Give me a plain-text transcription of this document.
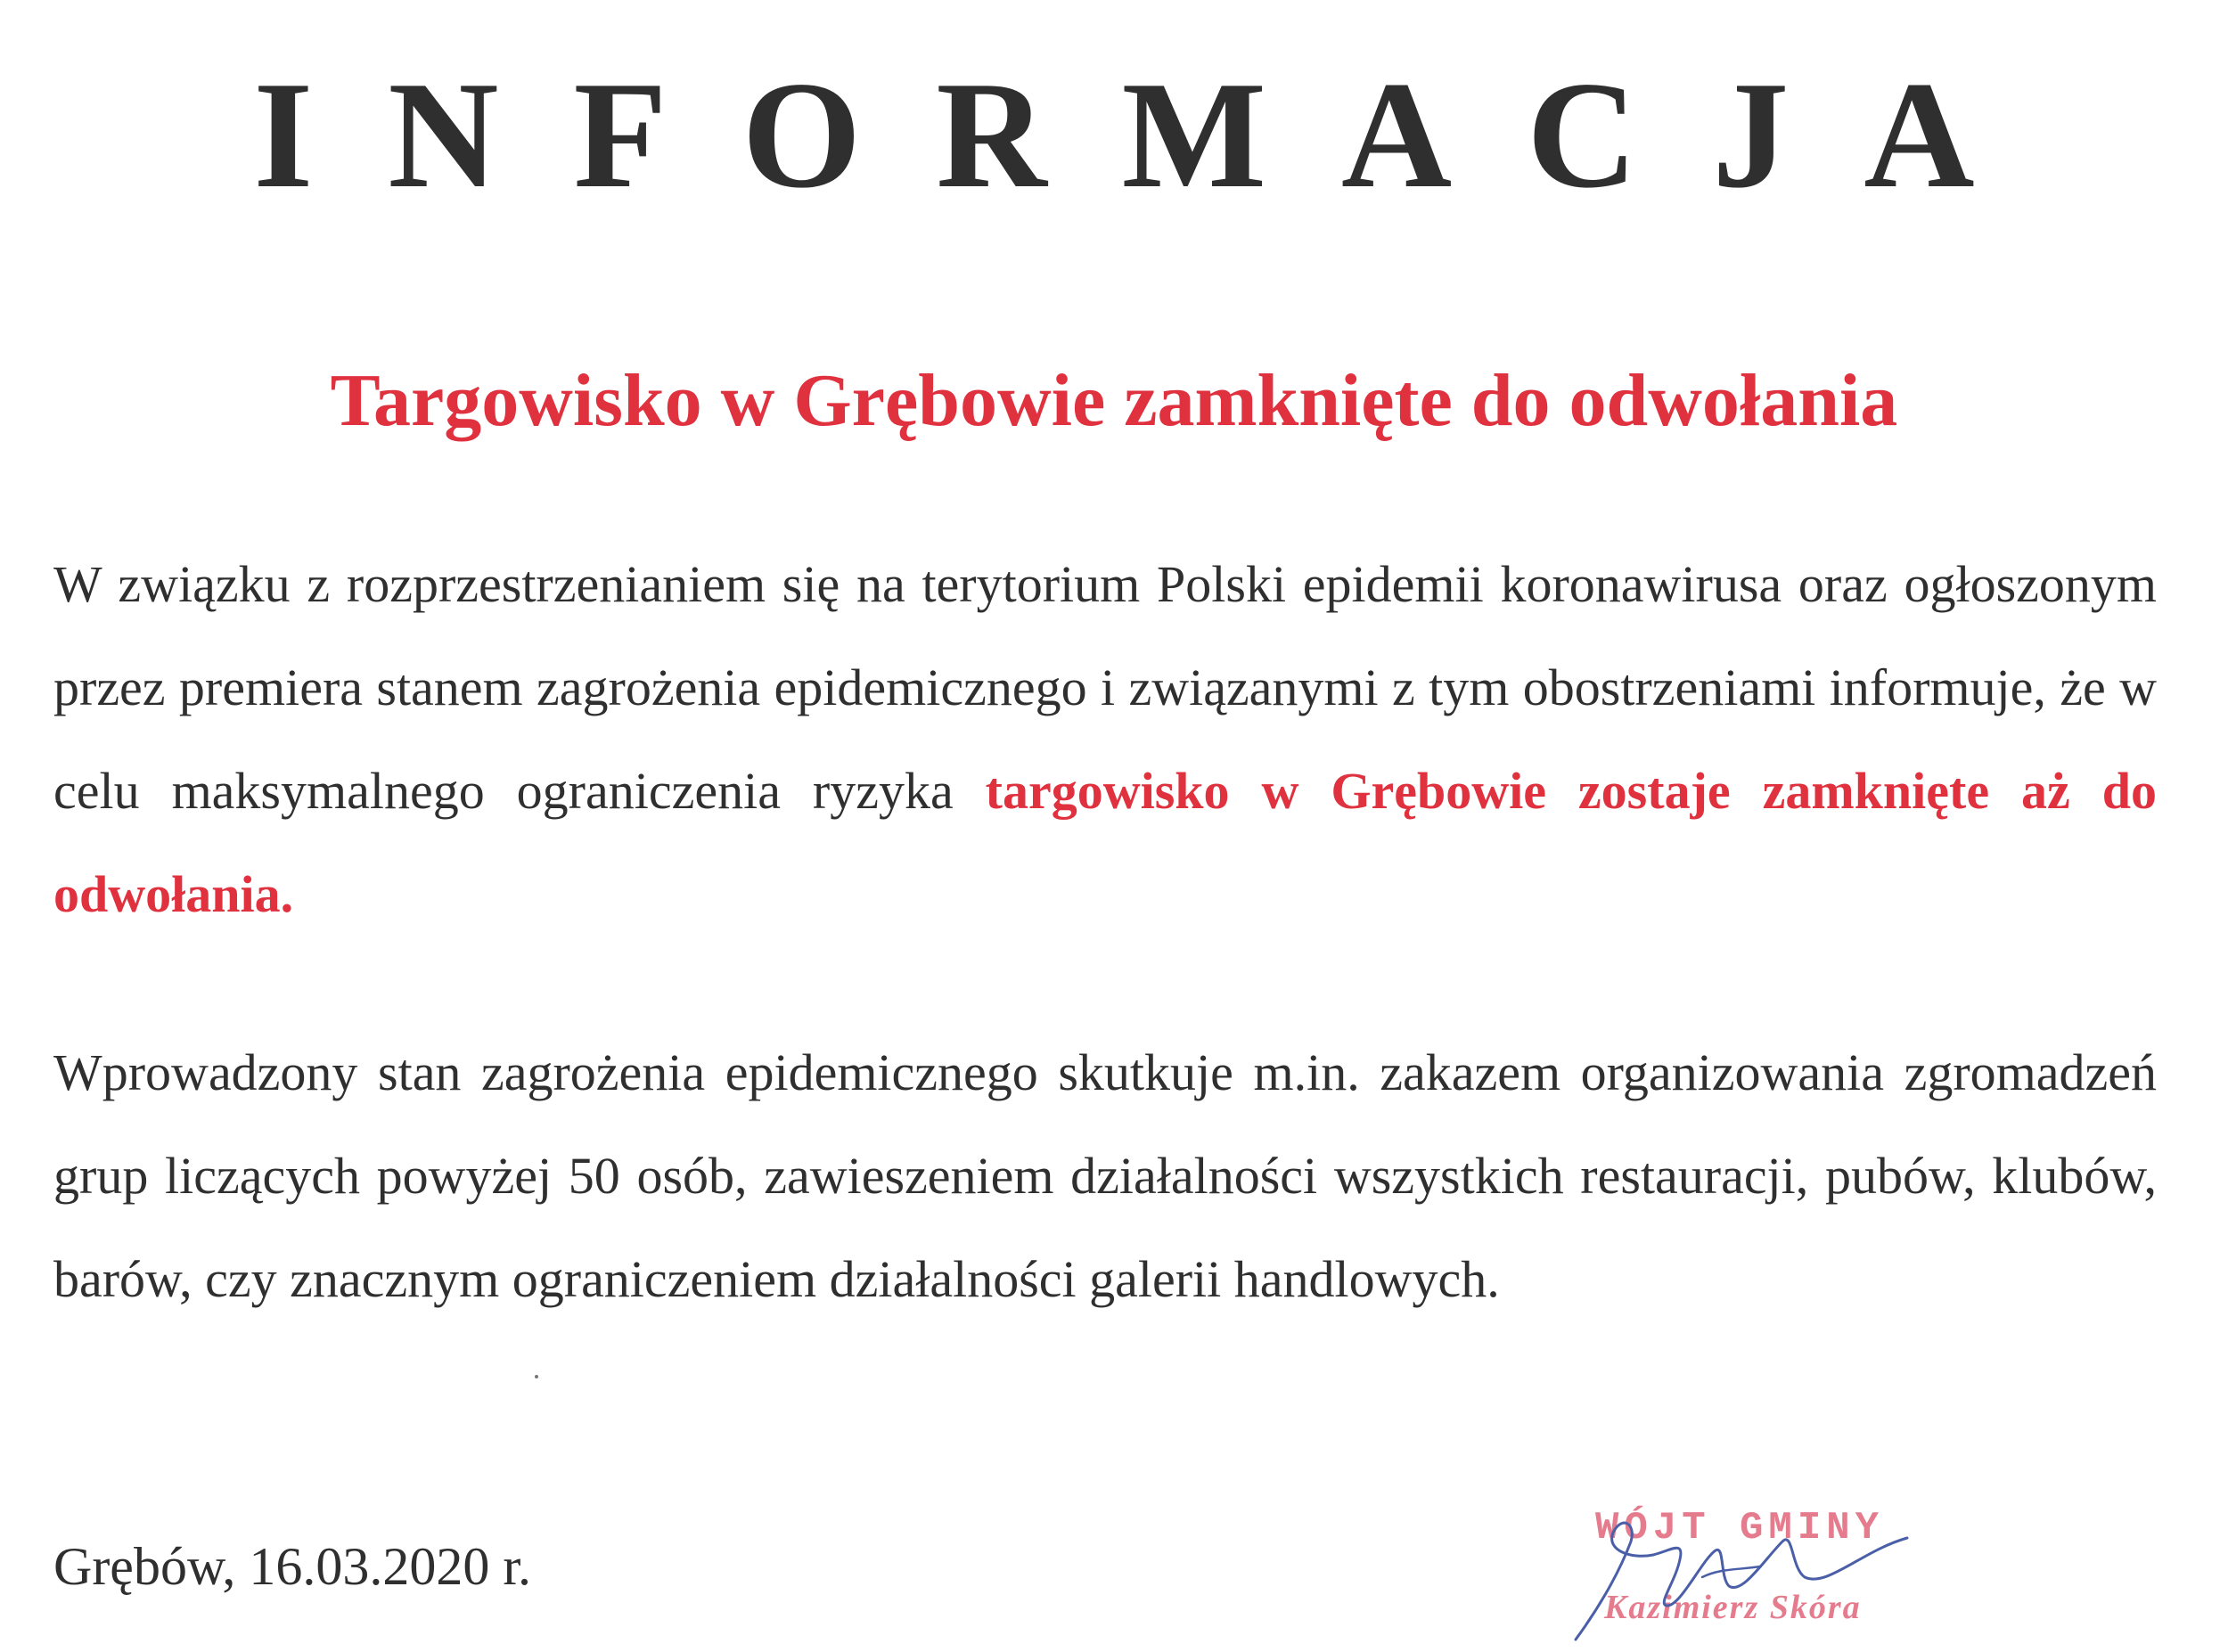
INFORMACJA
Targowisko w Grębowie zamknięte do odwołania

W związku z rozprzestrzenianiem się na terytorium Polski epidemii koronawirusa oraz ogłoszonym przez premiera stanem zagrożenia epidemicznego i związanymi z tym obostrzeniami informuje, że w celu maksymalnego ograniczenia ryzyka targowisko w Grębowie zostaje zamknięte aż do odwołania.

Wprowadzony stan zagrożenia epidemicznego skutkuje m.in. zakazem organizowania zgromadzeń grup liczących powyżej 50 osób, zawieszeniem działalności wszystkich restauracji, pubów, klubów, barów, czy znacznym ograniczeniem działalności galerii handlowych.

Grębów, 16.03.2020 r.

WÓJT GMINY
Kazimierz Skóra
